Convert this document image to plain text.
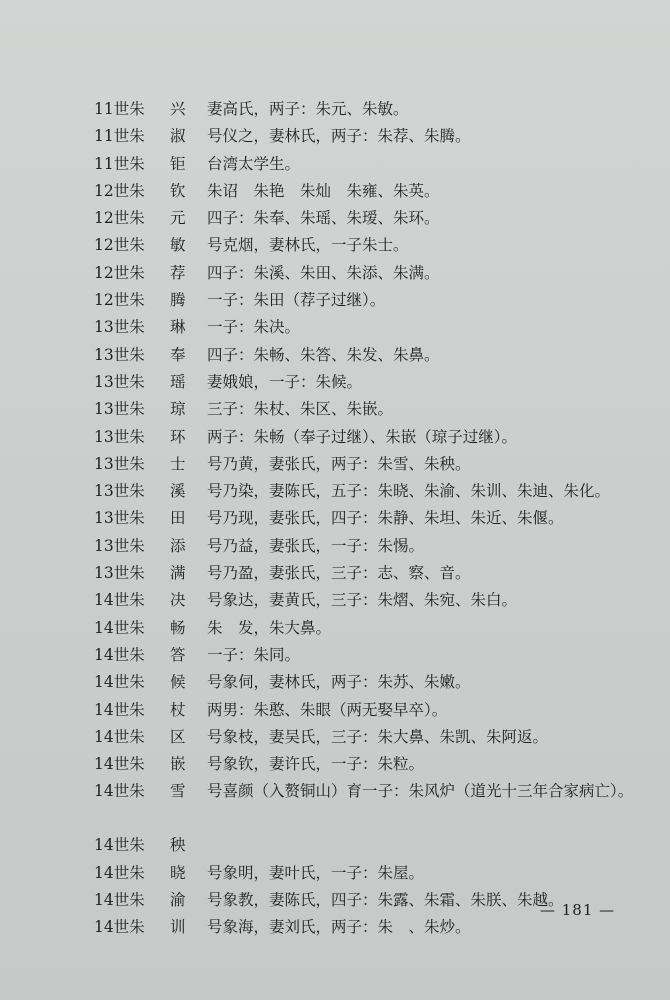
11世朱 兴	妻高氏，两子：朱元、朱敏。
11世朱 淑	号仪之，妻林氏，两子：朱荐、朱腾。
11世朱 钜	台湾太学生。
12世朱 钦	朱诏　朱艳　朱灿　朱雍、朱英。
12世朱 元	四子：朱奉、朱瑶、朱瑷、朱环。
12世朱 敏	号克烟，妻林氏，一子朱士。
12世朱 荐	四子：朱溪、朱田、朱添、朱满。
12世朱 腾	一子：朱田（荐子过继）。
13世朱 琳	一子：朱决。
13世朱 奉	四子：朱畅、朱答、朱发、朱鼻。
13世朱 瑶	妻娥娘，一子：朱候。
13世朱 琼	三子：朱杖、朱区、朱嵌。
13世朱 环	两子：朱畅（奉子过继）、朱嵌（琼子过继）。
13世朱 士	号乃黄，妻张氏，两子：朱雪、朱秧。
13世朱 溪	号乃染，妻陈氏，五子：朱晓、朱渝、朱训、朱迪、朱化。
13世朱 田	号乃现，妻张氏，四子：朱静、朱坦、朱近、朱偃。
13世朱 添	号乃益，妻张氏，一子：朱惕。
13世朱 满	号乃盈，妻张氏，三子：志、察、音。
14世朱 决	号象达，妻黄氏，三子：朱熠、朱宛、朱白。
14世朱 畅	朱　发，朱大鼻。
14世朱 答	一子：朱同。
14世朱 候	号象伺，妻林氏，两子：朱苏、朱嫩。
14世朱 杖	两男：朱憨、朱眼（两无娶早卒）。
14世朱 区	号象枝，妻吴氏，三子：朱大鼻、朱凯、朱阿返。
14世朱 嵌	号象钦，妻许氏，一子：朱粒。
14世朱 雪	号喜颜（入赘铜山）育一子：朱风炉（道光十三年合家病亡）。
14世朱 秧
14世朱 晓	号象明，妻叶氏，一子：朱屋。
14世朱 渝	号象教，妻陈氏，四子：朱露、朱霜、朱朕、朱越。
14世朱 训	号象海，妻刘氏，两子：朱　、朱炒。
— 181 —
